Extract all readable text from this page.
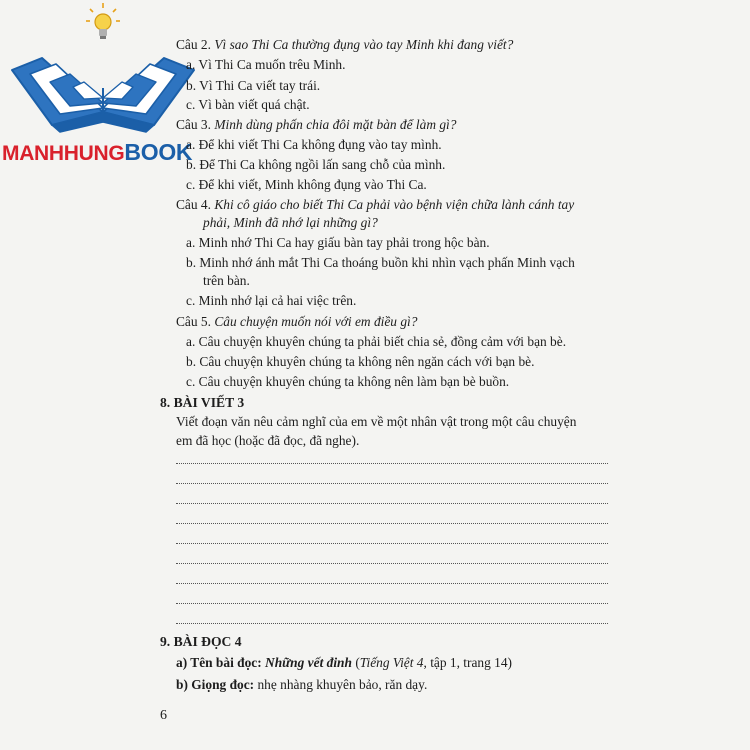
MANHHUNGBOOK
Câu 2. Vì sao Thi Ca thường đụng vào tay Minh khi đang viết?
a. Vì Thi Ca muốn trêu Minh.
b. Vì Thi Ca viết tay trái.
c. Vì bàn viết quá chật.
Câu 3. Minh dùng phấn chia đôi mặt bàn để làm gì?
a. Để khi viết Thi Ca không đụng vào tay mình.
b. Để Thi Ca không ngồi lấn sang chỗ của mình.
c. Để khi viết, Minh không đụng vào Thi Ca.
Câu 4. Khi cô giáo cho biết Thi Ca phải vào bệnh viện chữa lành cánh tay
phải, Minh đã nhớ lại những gì?
a. Minh nhớ Thi Ca hay giấu bàn tay phải trong hộc bàn.
b. Minh nhớ ánh mắt Thi Ca thoáng buồn khi nhìn vạch phấn Minh vạch
trên bàn.
c. Minh nhớ lại cả hai việc trên.
Câu 5. Câu chuyện muốn nói với em điều gì?
a. Câu chuyện khuyên chúng ta phải biết chia sẻ, đồng cảm với bạn bè.
b. Câu chuyện khuyên chúng ta không nên ngăn cách với bạn bè.
c. Câu chuyện khuyên chúng ta không nên làm bạn bè buồn.
8. BÀI VIẾT 3
Viết đoạn văn nêu cảm nghĩ của em về một nhân vật trong một câu chuyện
em đã học (hoặc đã đọc, đã nghe).
9. BÀI ĐỌC 4
a) Tên bài đọc: Những vết đinh (Tiếng Việt 4, tập 1, trang 14)
b) Giọng đọc: nhẹ nhàng khuyên bảo, răn dạy.
6
